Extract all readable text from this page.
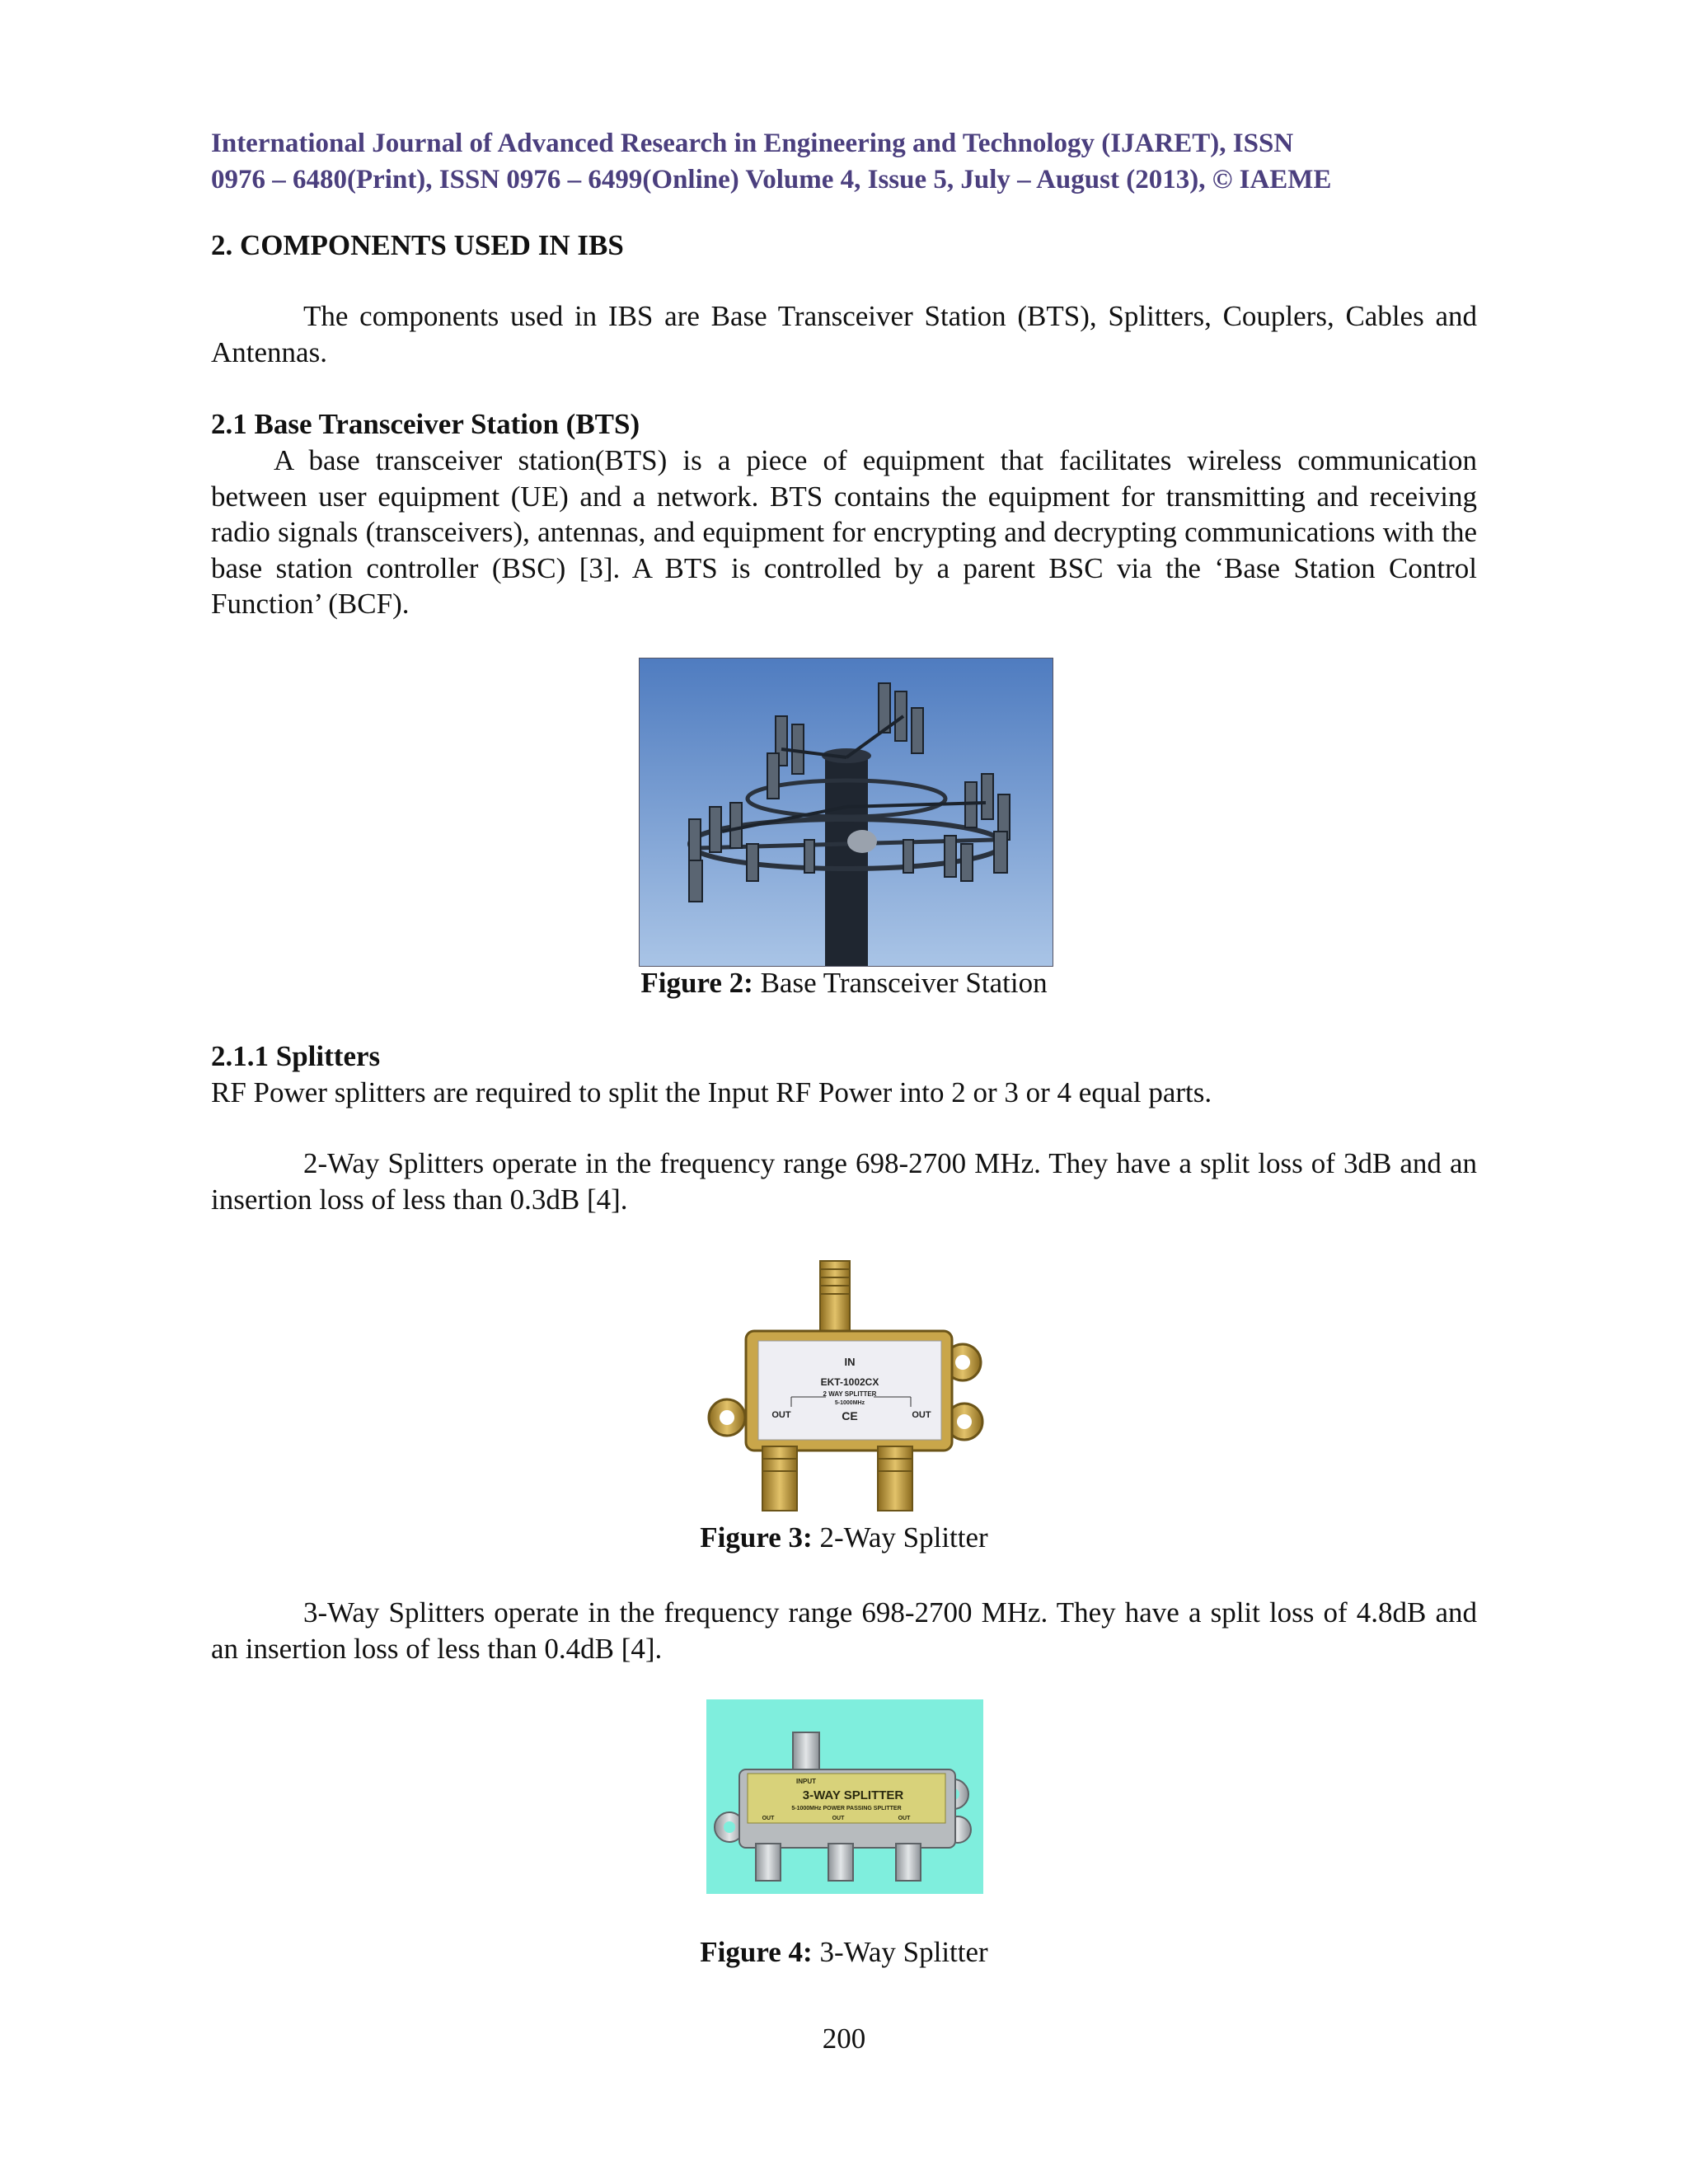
International Journal of Advanced Research in Engineering and Technology (IJARET), ISSN
0976 – 6480(Print), ISSN 0976 – 6499(Online) Volume 4, Issue 5, July – August (2013), © IAEME
2. COMPONENTS USED IN IBS
The components used in IBS are Base Transceiver Station (BTS), Splitters, Couplers, Cables and Antennas.
2.1 Base Transceiver Station (BTS)
A base transceiver station(BTS) is a piece of equipment that facilitates wireless communication between user equipment (UE) and a network. BTS contains the equipment for transmitting and receiving radio signals (transceivers), antennas, and equipment for encrypting and decrypting communications with the base station controller (BSC) [3]. A BTS is controlled by a parent BSC via the ‘Base Station Control Function’ (BCF).
Figure 2: Base Transceiver Station
2.1.1 Splitters
RF Power splitters are required to split the Input RF Power into 2 or 3 or 4 equal parts.
2-Way Splitters operate in the frequency range 698-2700 MHz. They have a split loss of 3dB and an insertion loss of less than 0.3dB [4].
IN
EKT-1002CX
2 WAY SPLITTER
5-1000MHz
CE
OUT	OUT
Figure 3: 2-Way Splitter
3-Way Splitters operate in the frequency range 698-2700 MHz. They have a split loss of 4.8dB and an insertion loss of less than 0.4dB [4].
INPUT
3-WAY SPLITTER
5-1000MHz POWER PASSING SPLITTER
OUT	OUT	OUT
Figure 4: 3-Way Splitter
200
